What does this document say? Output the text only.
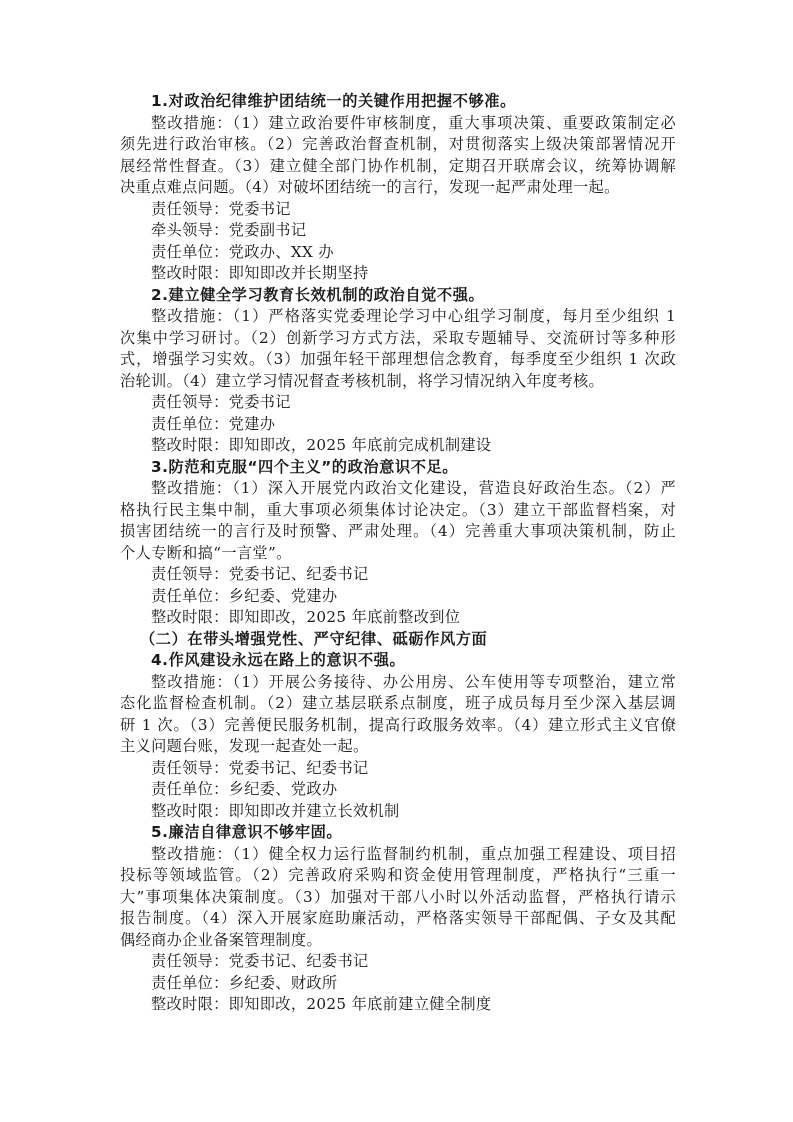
1.对政治纪律维护团结统一的关键作用把握不够准。
整改措施：（1）建立政治要件审核制度，重大事项决策、重要政策制定必
须先进行政治审核。（2）完善政治督查机制，对贯彻落实上级决策部署情况开
展经常性督查。（3）建立健全部门协作机制，定期召开联席会议，统筹协调解
决重点难点问题。（4）对破坏团结统一的言行，发现一起严肃处理一起。
责任领导：党委书记
牵头领导：党委副书记
责任单位：党政办、XX 办
整改时限：即知即改并长期坚持
2.建立健全学习教育长效机制的政治自觉不强。
整改措施：（1）严格落实党委理论学习中心组学习制度，每月至少组织 1
次集中学习研讨。（2）创新学习方式方法，采取专题辅导、交流研讨等多种形
式，增强学习实效。（3）加强年轻干部理想信念教育，每季度至少组织 1 次政
治轮训。（4）建立学习情况督查考核机制，将学习情况纳入年度考核。
责任领导：党委书记
责任单位：党建办
整改时限：即知即改，2025 年底前完成机制建设
3.防范和克服“四个主义”的政治意识不足。
整改措施：（1）深入开展党内政治文化建设，营造良好政治生态。（2）严
格执行民主集中制，重大事项必须集体讨论决定。（3）建立干部监督档案，对
损害团结统一的言行及时预警、严肃处理。（4）完善重大事项决策机制，防止
个人专断和搞“一言堂”。
责任领导：党委书记、纪委书记
责任单位：乡纪委、党建办
整改时限：即知即改，2025 年底前整改到位
（二）在带头增强党性、严守纪律、砥砺作风方面
4.作风建设永远在路上的意识不强。
整改措施：（1）开展公务接待、办公用房、公车使用等专项整治，建立常
态化监督检查机制。（2）建立基层联系点制度，班子成员每月至少深入基层调
研 1 次。（3）完善便民服务机制，提高行政服务效率。（4）建立形式主义官僚
主义问题台账，发现一起查处一起。
责任领导：党委书记、纪委书记
责任单位：乡纪委、党政办
整改时限：即知即改并建立长效机制
5.廉洁自律意识不够牢固。
整改措施：（1）健全权力运行监督制约机制，重点加强工程建设、项目招
投标等领域监管。（2）完善政府采购和资金使用管理制度，严格执行“三重一
大”事项集体决策制度。（3）加强对干部八小时以外活动监督，严格执行请示
报告制度。（4）深入开展家庭助廉活动，严格落实领导干部配偶、子女及其配
偶经商办企业备案管理制度。
责任领导：党委书记、纪委书记
责任单位：乡纪委、财政所
整改时限：即知即改，2025 年底前建立健全制度
